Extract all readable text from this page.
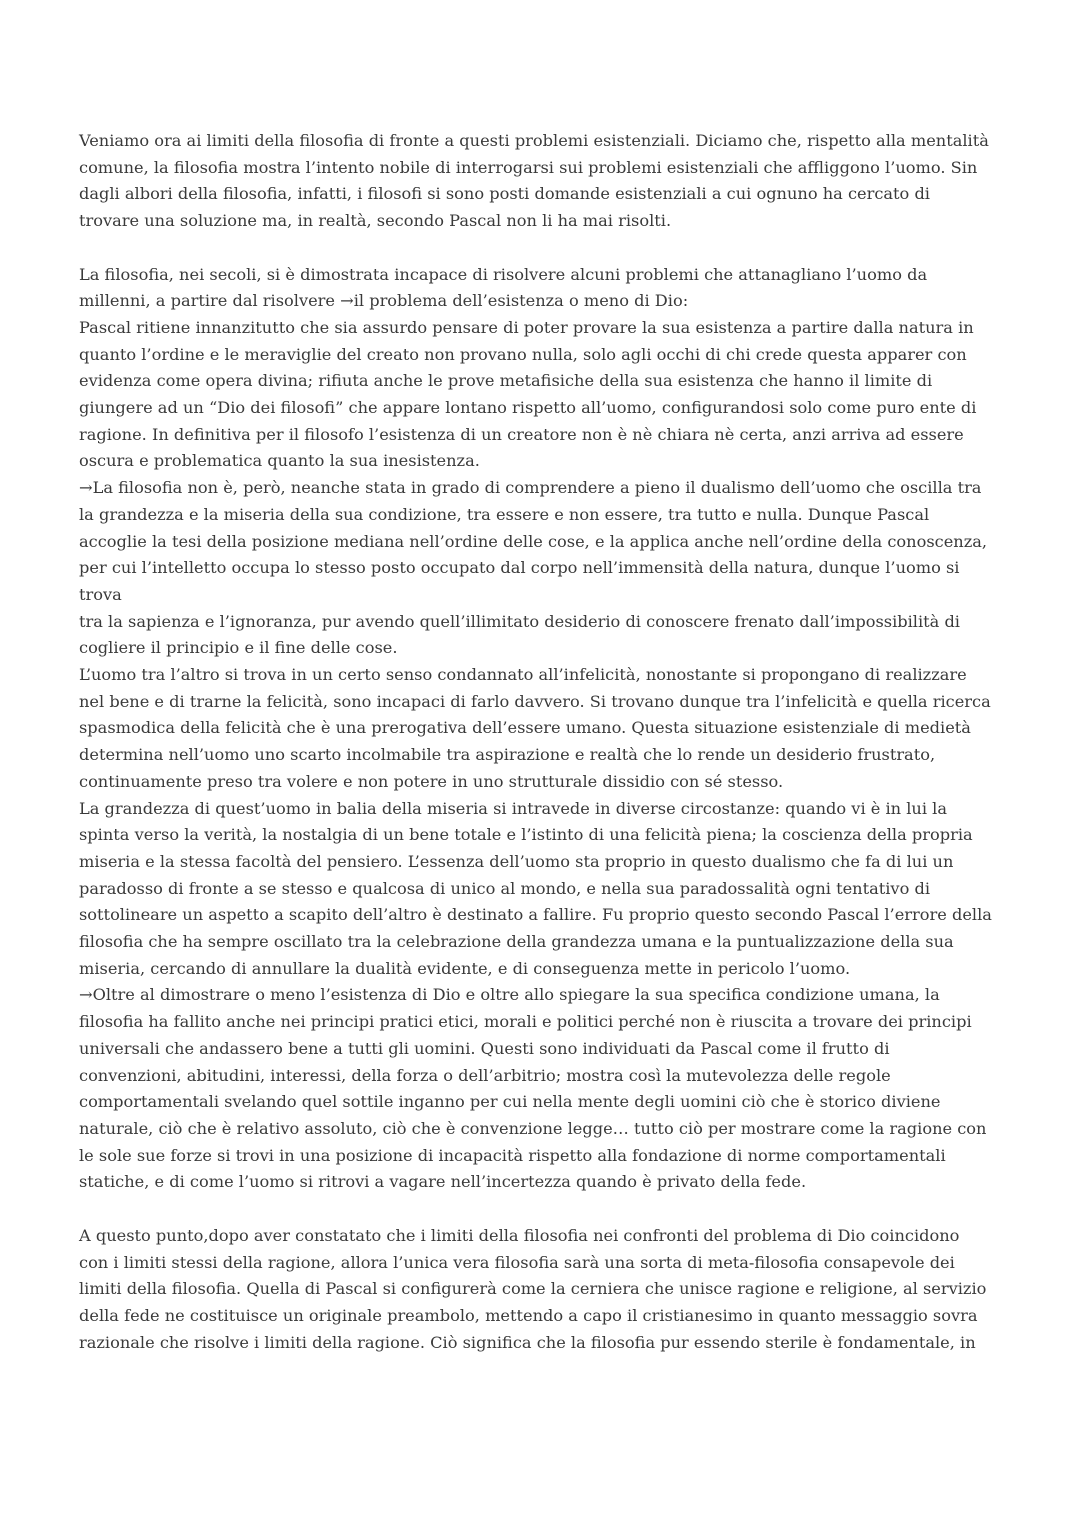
Veniamo ora ai limiti della filosofia di fronte a questi problemi esistenziali. Diciamo che, rispetto alla mentalità
comune, la filosofia mostra l’intento nobile di interrogarsi sui problemi esistenziali che affliggono l’uomo. Sin
dagli albori della filosofia, infatti, i filosofi si sono posti domande esistenziali a cui ognuno ha cercato di
trovare una soluzione ma, in realtà, secondo Pascal non li ha mai risolti.

La filosofia, nei secoli, si è dimostrata incapace di risolvere alcuni problemi che attanagliano l’uomo da
millenni, a partire dal risolvere →il problema dell’esistenza o meno di Dio:
Pascal ritiene innanzitutto che sia assurdo pensare di poter provare la sua esistenza a partire dalla natura in
quanto l’ordine e le meraviglie del creato non provano nulla, solo agli occhi di chi crede questa apparer con
evidenza come opera divina; rifiuta anche le prove metafisiche della sua esistenza che hanno il limite di
giungere ad un “Dio dei filosofi” che appare lontano rispetto all’uomo, configurandosi solo come puro ente di
ragione. In definitiva per il filosofo l’esistenza di un creatore non è nè chiara nè certa, anzi arriva ad essere
oscura e problematica quanto la sua inesistenza.
→La filosofia non è, però, neanche stata in grado di comprendere a pieno il dualismo dell’uomo che oscilla tra
la grandezza e la miseria della sua condizione, tra essere e non essere, tra tutto e nulla. Dunque Pascal
accoglie la tesi della posizione mediana nell’ordine delle cose, e la applica anche nell’ordine della conoscenza,
per cui l’intelletto occupa lo stesso posto occupato dal corpo nell’immensità della natura, dunque l’uomo si
trova
tra la sapienza e l’ignoranza, pur avendo quell’illimitato desiderio di conoscere frenato dall’impossibilità di
cogliere il principio e il fine delle cose.
L’uomo tra l’altro si trova in un certo senso condannato all’infelicità, nonostante si propongano di realizzare
nel bene e di trarne la felicità, sono incapaci di farlo davvero. Si trovano dunque tra l’infelicità e quella ricerca
spasmodica della felicità che è una prerogativa dell’essere umano. Questa situazione esistenziale di medietà
determina nell’uomo uno scarto incolmabile tra aspirazione e realtà che lo rende un desiderio frustrato,
continuamente preso tra volere e non potere in uno strutturale dissidio con sé stesso.
La grandezza di quest’uomo in balia della miseria si intravede in diverse circostanze: quando vi è in lui la
spinta verso la verità, la nostalgia di un bene totale e l’istinto di una felicità piena; la coscienza della propria
miseria e la stessa facoltà del pensiero. L’essenza dell’uomo sta proprio in questo dualismo che fa di lui un
paradosso di fronte a se stesso e qualcosa di unico al mondo, e nella sua paradossalità ogni tentativo di
sottolineare un aspetto a scapito dell’altro è destinato a fallire. Fu proprio questo secondo Pascal l’errore della
filosofia che ha sempre oscillato tra la celebrazione della grandezza umana e la puntualizzazione della sua
miseria, cercando di annullare la dualità evidente, e di conseguenza mette in pericolo l’uomo.
→Oltre al dimostrare o meno l’esistenza di Dio e oltre allo spiegare la sua specifica condizione umana, la
filosofia ha fallito anche nei principi pratici etici, morali e politici perché non è riuscita a trovare dei principi
universali che andassero bene a tutti gli uomini. Questi sono individuati da Pascal come il frutto di
convenzioni, abitudini, interessi, della forza o dell’arbitrio; mostra così la mutevolezza delle regole
comportamentali svelando quel sottile inganno per cui nella mente degli uomini ciò che è storico diviene
naturale, ciò che è relativo assoluto, ciò che è convenzione legge… tutto ciò per mostrare come la ragione con
le sole sue forze si trovi in una posizione di incapacità rispetto alla fondazione di norme comportamentali
statiche, e di come l’uomo si ritrovi a vagare nell’incertezza quando è privato della fede.

A questo punto,dopo aver constatato che i limiti della filosofia nei confronti del problema di Dio coincidono
con i limiti stessi della ragione, allora l’unica vera filosofia sarà una sorta di meta-filosofia consapevole dei
limiti della filosofia. Quella di Pascal si configurerà come la cerniera che unisce ragione e religione, al servizio
della fede ne costituisce un originale preambolo, mettendo a capo il cristianesimo in quanto messaggio sovra
razionale che risolve i limiti della ragione. Ciò significa che la filosofia pur essendo sterile è fondamentale, in
